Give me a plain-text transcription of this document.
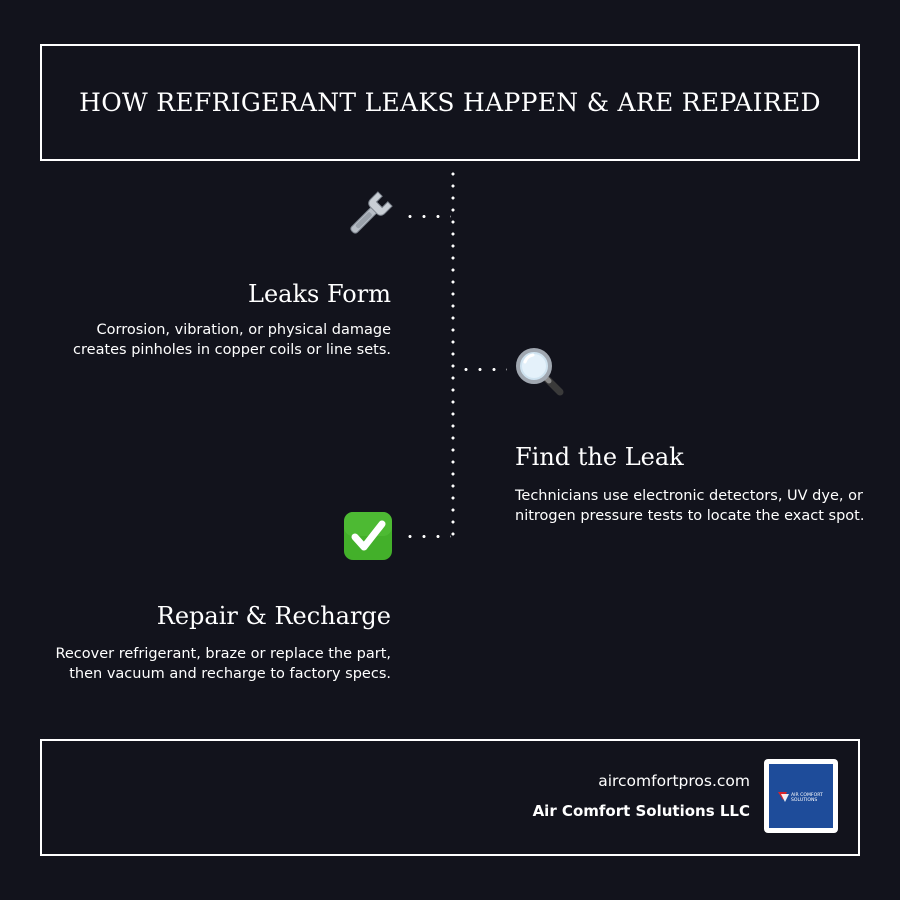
HOW REFRIGERANT LEAKS HAPPEN & ARE REPAIRED
Leaks Form
Corrosion, vibration, or physical damage
creates pinholes in copper coils or line sets.
Find the Leak
Technicians use electronic detectors, UV dye, or
nitrogen pressure tests to locate the exact spot.
Repair & Recharge
Recover refrigerant, braze or replace the part,
then vacuum and recharge to factory specs.
aircomfortpros.com
Air Comfort Solutions LLC
AIR COMFORT
SOLUTIONS
